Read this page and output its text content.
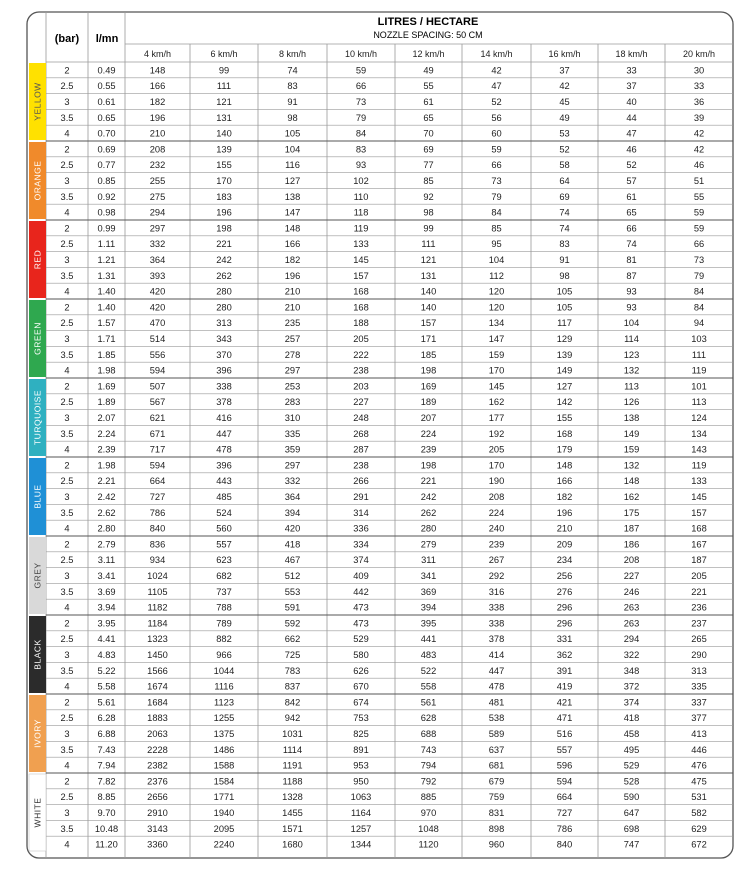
YELLOW
ORANGE
RED
GREEN
TURQUOISE
BLUE
GREY
BLACK
IVORY
WHITE
(bar) l/mn
LITRES / HECTARE
NOZZLE SPACING: 50 CM
4 km/h	6 km/h	8 km/h	10 km/h	12 km/h	14 km/h	16 km/h	18 km/h	20 km/h
2	0.49	148	99	74	59	49	42	37	33	30
2.5	0.55	166	111	83	66	55	47	42	37	33
3	0.61	182	121	91	73	61	52	45	40	36
3.5	0.65	196	131	98	79	65	56	49	44	39
4	0.70	210	140	105	84	70	60	53	47	42
2	0.69	208	139	104	83	69	59	52	46	42
2.5	0.77	232	155	116	93	77	66	58	52	46
3	0.85	255	170	127	102	85	73	64	57	51
3.5	0.92	275	183	138	110	92	79	69	61	55
4	0.98	294	196	147	118	98	84	74	65	59
2	0.99	297	198	148	119	99	85	74	66	59
2.5	1.11	332	221	166	133	111	95	83	74	66
3	1.21	364	242	182	145	121	104	91	81	73
3.5	1.31	393	262	196	157	131	112	98	87	79
4	1.40	420	280	210	168	140	120	105	93	84
2	1.40	420	280	210	168	140	120	105	93	84
2.5	1.57	470	313	235	188	157	134	117	104	94
3	1.71	514	343	257	205	171	147	129	114	103
3.5	1.85	556	370	278	222	185	159	139	123	111
4	1.98	594	396	297	238	198	170	149	132	119
2	1.69	507	338	253	203	169	145	127	113	101
2.5	1.89	567	378	283	227	189	162	142	126	113
3	2.07	621	416	310	248	207	177	155	138	124
3.5	2.24	671	447	335	268	224	192	168	149	134
4	2.39	717	478	359	287	239	205	179	159	143
2	1.98	594	396	297	238	198	170	148	132	119
2.5	2.21	664	443	332	266	221	190	166	148	133
3	2.42	727	485	364	291	242	208	182	162	145
3.5	2.62	786	524	394	314	262	224	196	175	157
4	2.80	840	560	420	336	280	240	210	187	168
2	2.79	836	557	418	334	279	239	209	186	167
2.5	3.11	934	623	467	374	311	267	234	208	187
3	3.41	1024	682	512	409	341	292	256	227	205
3.5	3.69	1105	737	553	442	369	316	276	246	221
4	3.94	1182	788	591	473	394	338	296	263	236
2	3.95	1184	789	592	473	395	338	296	263	237
2.5	4.41	1323	882	662	529	441	378	331	294	265
3	4.83	1450	966	725	580	483	414	362	322	290
3.5	5.22	1566	1044	783	626	522	447	391	348	313
4	5.58	1674	1116	837	670	558	478	419	372	335
2	5.61	1684	1123	842	674	561	481	421	374	337
2.5	6.28	1883	1255	942	753	628	538	471	418	377
3	6.88	2063	1375	1031	825	688	589	516	458	413
3.5	7.43	2228	1486	1114	891	743	637	557	495	446
4	7.94	2382	1588	1191	953	794	681	596	529	476
2	7.82	2376	1584	1188	950	792	679	594	528	475
2.5	8.85	2656	1771	1328	1063	885	759	664	590	531
3	9.70	2910	1940	1455	1164	970	831	727	647	582
3.5 10.48	3143	2095	1571	1257	1048	898	786	698	629
4	11.20	3360	2240	1680	1344	1120	960	840	747	672
